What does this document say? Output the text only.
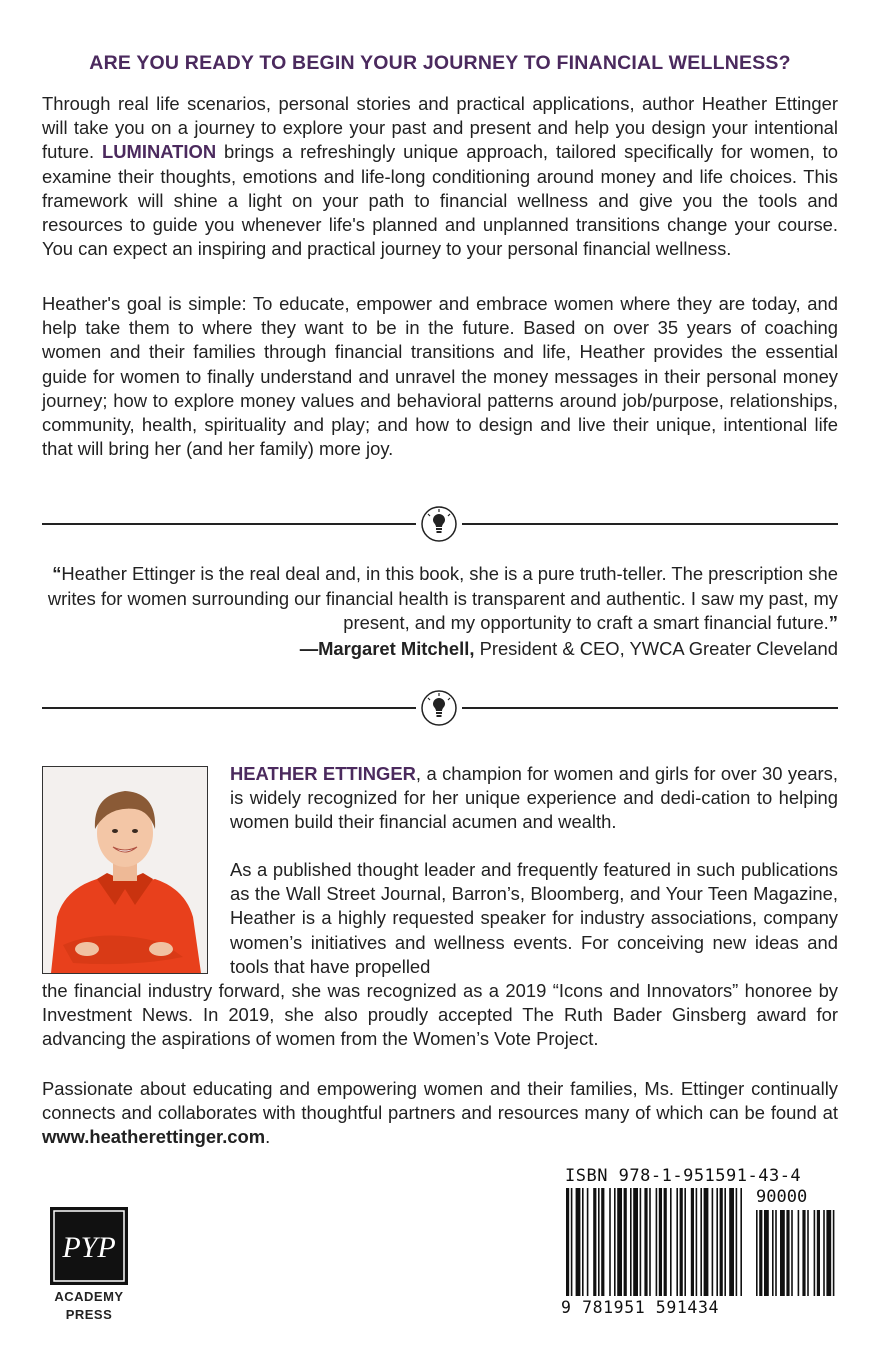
ARE YOU READY TO BEGIN YOUR JOURNEY TO FINANCIAL WELLNESS?
Through real life scenarios, personal stories and practical applications, author Heather Ettinger will take you on a journey to explore your past and present and help you design your intentional future. LUMINATION brings a refreshingly unique approach, tailored specifically for women, to examine their thoughts, emotions and life-long conditioning around money and life choices. This framework will shine a light on your path to financial wellness and give you the tools and resources to guide you whenever life's planned and unplanned transitions change your course. You can expect an inspiring and practical journey to your personal financial wellness.
Heather's goal is simple: To educate, empower and embrace women where they are today, and help take them to where they want to be in the future. Based on over 35 years of coaching women and their families through financial transitions and life, Heather provides the essential guide for women to finally understand and unravel the money messages in their personal money journey; how to explore money values and behavioral patterns around job/purpose, relationships, community, health, spirituality and play; and how to design and live their unique, intentional life that will bring her (and her family) more joy.
“Heather Ettinger is the real deal and, in this book, she is a pure truth-teller. The prescription she writes for women surrounding our financial health is transparent and authentic. I saw my past, my present, and my opportunity to craft a smart financial future.”
—Margaret Mitchell, President & CEO, YWCA Greater Cleveland
HEATHER ETTINGER, a champion for women and girls for over 30 years, is widely recognized for her unique experience and dedi-cation to helping women build their financial acumen and wealth.
As a published thought leader and frequently featured in such publications as the Wall Street Journal, Barron’s, Bloomberg, and Your Teen Magazine, Heather is a highly requested speaker for industry associations, company women’s initiatives and wellness events. For conceiving new ideas and tools that have propelled
the financial industry forward, she was recognized as a 2019 “Icons and Innovators” honoree by Investment News. In 2019, she also proudly accepted The Ruth Bader Ginsberg award for advancing the aspirations of women from the Women’s Vote Project.
Passionate about educating and empowering women and their families, Ms. Ettinger continually connects and collaborates with thoughtful partners and resources many of which can be found at www.heatherettinger.com.
PYP
ACADEMY
PRESS
ISBN 978-1-951591-43-4
90000
9 781951 591434
